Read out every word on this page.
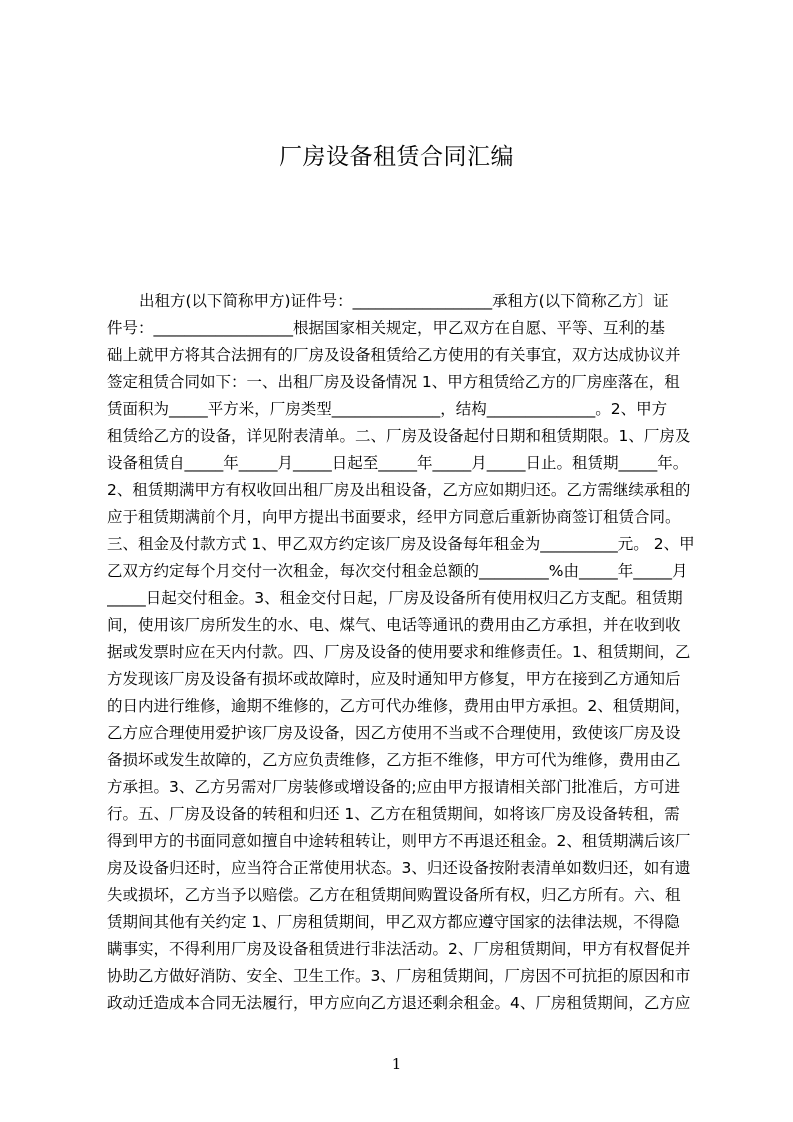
厂房设备租赁合同汇编
出租方(以下简称甲方)证件号：__________________承租方(以下简称乙方〕证
件号：__________________根据国家相关规定，甲乙双方在自愿、平等、互利的基
础上就甲方将其合法拥有的厂房及设备租赁给乙方使用的有关事宜，双方达成协议并
签定租赁合同如下：一、出租厂房及设备情况 1、甲方租赁给乙方的厂房座落在，租
赁面积为_____平方米，厂房类型______________，结构______________。2、甲方
租赁给乙方的设备，详见附表清单。二、厂房及设备起付日期和租赁期限。1、厂房及
设备租赁自_____年_____月_____日起至_____年_____月_____日止。租赁期_____年。
2、租赁期满甲方有权收回出租厂房及出租设备，乙方应如期归还。乙方需继续承租的
应于租赁期满前个月，向甲方提出书面要求，经甲方同意后重新协商签订租赁合同。
三、租金及付款方式 1、甲乙双方约定该厂房及设备每年租金为__________元。 2、甲
乙双方约定每个月交付一次租金，每次交付租金总额的_________%由_____年_____月
_____日起交付租金。3、租金交付日起，厂房及设备所有使用权归乙方支配。租赁期
间，使用该厂房所发生的水、电、煤气、电话等通讯的费用由乙方承担，并在收到收
据或发票时应在天内付款。四、厂房及设备的使用要求和维修责任。1、租赁期间，乙
方发现该厂房及设备有损坏或故障时，应及时通知甲方修复，甲方在接到乙方通知后
的日内进行维修，逾期不维修的，乙方可代办维修，费用由甲方承担。2、租赁期间，
乙方应合理使用爱护该厂房及设备，因乙方使用不当或不合理使用，致使该厂房及设
备损坏或发生故障的，乙方应负责维修，乙方拒不维修，甲方可代为维修，费用由乙
方承担。3、乙方另需对厂房装修或增设备的;应由甲方报请相关部门批准后，方可进
行。五、厂房及设备的转租和归还 1、乙方在租赁期间，如将该厂房及设备转租，需
得到甲方的书面同意如擅自中途转租转让，则甲方不再退还租金。2、租赁期满后该厂
房及设备归还时，应当符合正常使用状态。3、归还设备按附表清单如数归还，如有遗
失或损坏，乙方当予以赔偿。乙方在租赁期间购置设备所有权，归乙方所有。六、租
赁期间其他有关约定 1、厂房租赁期间，甲乙双方都应遵守国家的法律法规，不得隐
瞒事实，不得利用厂房及设备租赁进行非法活动。2、厂房租赁期间，甲方有权督促并
协助乙方做好消防、安全、卫生工作。3、厂房租赁期间，厂房因不可抗拒的原因和市
政动迁造成本合同无法履行，甲方应向乙方退还剩余租金。4、厂房租赁期间，乙方应
1
